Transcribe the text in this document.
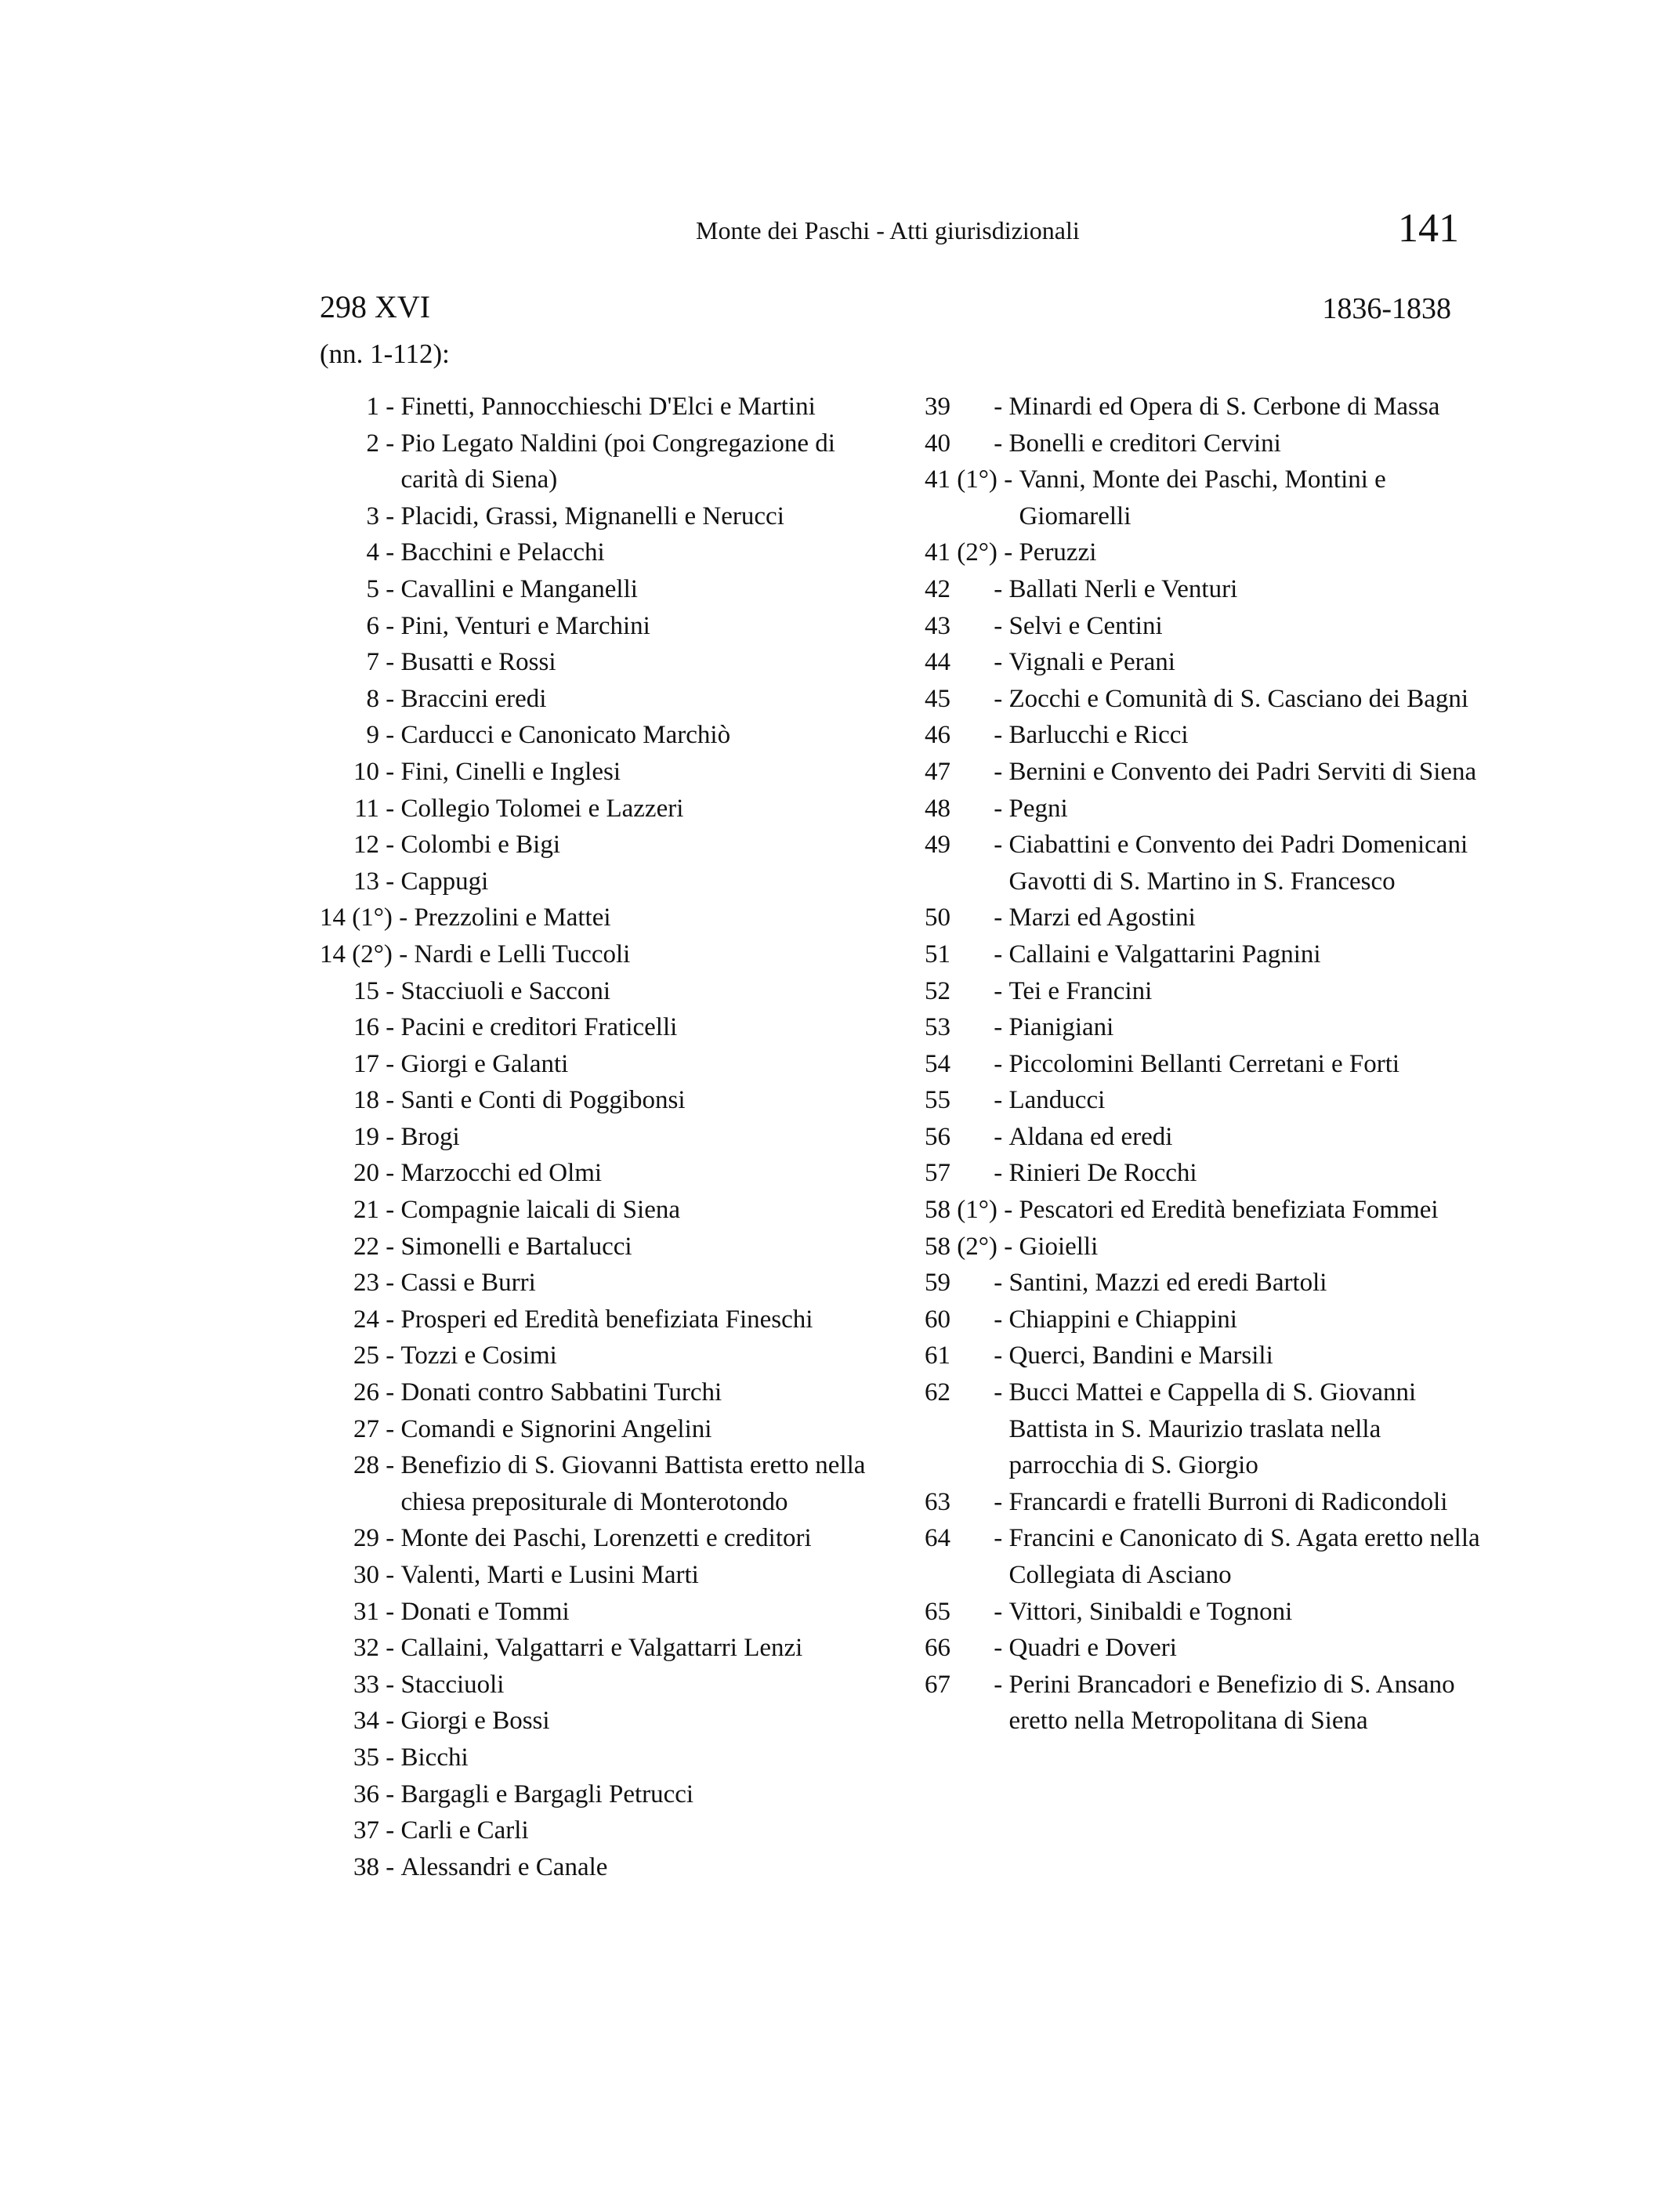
Monte dei Paschi - Atti giurisdizionali	141
298 XVI	1836-1838
(nn. 1-112):
1 - Finetti, Pannocchieschi D'Elci e Martini
2 - Pio Legato Naldini (poi Congregazione di carità di Siena)
3 - Placidi, Grassi, Mignanelli e Nerucci
4 - Bacchini e Pelacchi
5 - Cavallini e Manganelli
6 - Pini, Venturi e Marchini
7 - Busatti e Rossi
8 - Braccini eredi
9 - Carducci e Canonicato Marchiò
10 - Fini, Cinelli e Inglesi
11 - Collegio Tolomei e Lazzeri
12 - Colombi e Bigi
13 - Cappugi
14 (1°) - Prezzolini e Mattei
14 (2°) - Nardi e Lelli Tuccoli
15 - Stacciuoli e Sacconi
16 - Pacini e creditori Fraticelli
17 - Giorgi e Galanti
18 - Santi e Conti di Poggibonsi
19 - Brogi
20 - Marzocchi ed Olmi
21 - Compagnie laicali di Siena
22 - Simonelli e Bartalucci
23 - Cassi e Burri
24 - Prosperi ed Eredità benefiziata Fineschi
25 - Tozzi e Cosimi
26 - Donati contro Sabbatini Turchi
27 - Comandi e Signorini Angelini
28 - Benefizio di S. Giovanni Battista eretto nella chiesa prepositurale di Monterotondo
29 - Monte dei Paschi, Lorenzetti e creditori
30 - Valenti, Marti e Lusini Marti
31 - Donati e Tommi
32 - Callaini, Valgattarri e Valgattarri Lenzi
33 - Stacciuoli
34 - Giorgi e Bossi
35 - Bicchi
36 - Bargagli e Bargagli Petrucci
37 - Carli e Carli
38 - Alessandri e Canale
39	- Minardi ed Opera di S. Cerbone di Massa
40	- Bonelli e creditori Cervini
41 (1°) - Vanni, Monte dei Paschi, Montini e Giomarelli
41 (2°) - Peruzzi
42	- Ballati Nerli e Venturi
43	- Selvi e Centini
44	- Vignali e Perani
45	- Zocchi e Comunità di S. Casciano dei Bagni
46	- Barlucchi e Ricci
47	- Bernini e Convento dei Padri Serviti di Siena
48	- Pegni
49	- Ciabattini e Convento dei Padri Domenicani Gavotti di S. Martino in S. Francesco
50	- Marzi ed Agostini
51	- Callaini e Valgattarini Pagnini
52	- Tei e Francini
53	- Pianigiani
54	- Piccolomini Bellanti Cerretani e Forti
55	- Landucci
56	- Aldana ed eredi
57	- Rinieri De Rocchi
58 (1°) - Pescatori ed Eredità benefiziata Fommei
58 (2°) - Gioielli
59	- Santini, Mazzi ed eredi Bartoli
60	- Chiappini e Chiappini
61	- Querci, Bandini e Marsili
62	- Bucci Mattei e Cappella di S. Giovanni Battista in S. Maurizio traslata nella parrocchia di S. Giorgio
63	- Francardi e fratelli Burroni di Radicondoli
64	- Francini e Canonicato di S. Agata eretto nella Collegiata di Asciano
65	- Vittori, Sinibaldi e Tognoni
66	- Quadri e Doveri
67	- Perini Brancadori e Benefizio di S. Ansano eretto nella Metropolitana di Siena
